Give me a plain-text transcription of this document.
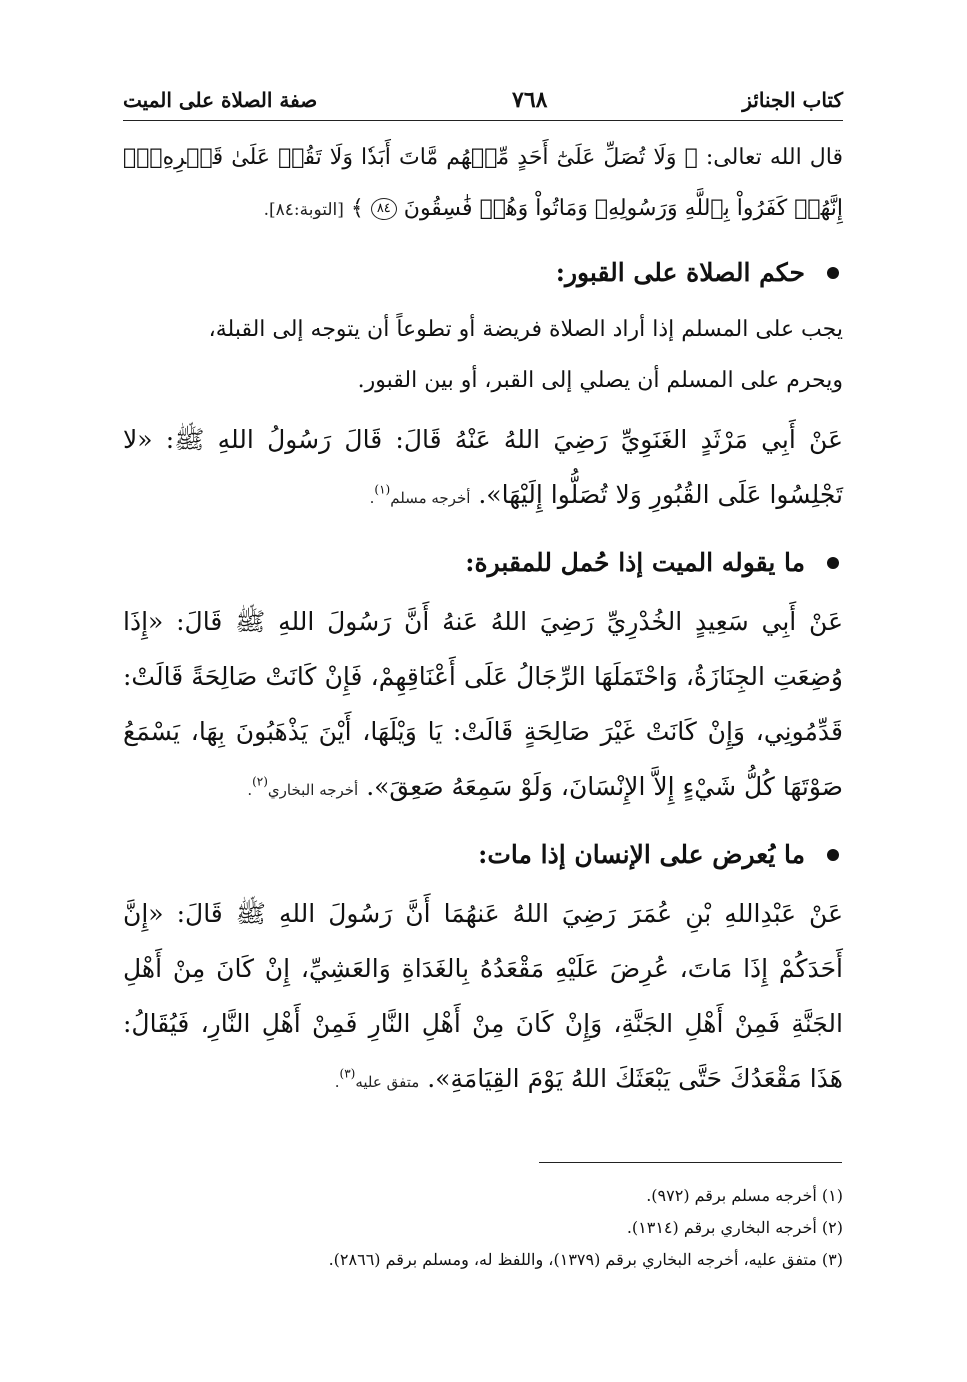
كتاب الجنائز
٧٦٨
صفة الصلاة على الميت

قال الله تعالى: ﴿ وَلَا تُصَلِّ عَلَىٰٓ أَحَدٍ مِّنۡهُم مَّاتَ أَبَدٗا وَلَا تَقُمۡ عَلَىٰ قَبۡرِهِۦٓۖ إِنَّهُمۡ كَفَرُواْ بِٱللَّهِ وَرَسُولِهِۦ وَمَاتُواْ وَهُمۡ فَٰسِقُونَ ٨٤ ﴾ [التوبة:٨٤].

حكم الصلاة على القبور:

يجب على المسلم إذا أراد الصلاة فريضة أو تطوعاً أن يتوجه إلى القبلة،

ويحرم على المسلم أن يصلي إلى القبر، أو بين القبور.

عَنْ أَبِي مَرْثَدٍ الغَنَوِيِّ رَضِيَ اللهُ عَنْهُ قَالَ: قَالَ رَسُولُ اللهِ ﷺ: «لا تَجْلِسُوا عَلَى القُبُورِ وَلا تُصَلُّوا إِلَيْهَا». أخرجه مسلم$^{(١)}$.

ما يقوله الميت إذا حُمل للمقبرة:

عَنْ أَبِي سَعِيدٍ الخُدْرِيِّ رَضِيَ اللهُ عَنهُ أَنَّ رَسُولَ اللهِ ﷺ قَالَ: «إِذَا وُضِعَتِ الجِنَازَةُ، وَاحْتَمَلَهَا الرِّجَالُ عَلَى أَعْنَاقِهِمْ، فَإِنْ كَانَتْ صَالِحَةً قَالَتْ: قَدِّمُونِي، وَإِنْ كَانَتْ غَيْرَ صَالِحَةٍ قَالَتْ: يَا وَيْلَهَا، أَيْنَ يَذْهَبُونَ بِهَا، يَسْمَعُ صَوْتَهَا كُلُّ شَيْءٍ إِلاَّ الإِنْسَانَ، وَلَوْ سَمِعَهُ صَعِقَ». أخرجه البخاري$^{(٢)}$.

ما يُعرض على الإنسان إذا مات:

عَنْ عَبْدِاللهِ بْنِ عُمَرَ رَضِيَ اللهُ عَنهُمَا أَنَّ رَسُولَ اللهِ ﷺ قَالَ: «إِنَّ أَحَدَكُمْ إِذَا مَاتَ، عُرِضَ عَلَيْهِ مَقْعَدُهُ بِالغَدَاةِ وَالعَشِيِّ، إِنْ كَانَ مِنْ أَهْلِ الجَنَّةِ فَمِنْ أَهْلِ الجَنَّةِ، وَإِنْ كَانَ مِنْ أَهْلِ النَّارِ فَمِنْ أَهْلِ النَّارِ، فَيُقَالُ: هَذَا مَقْعَدُكَ حَتَّى يَبْعَثَكَ اللهُ يَوْمَ القِيَامَةِ». متفق عليه$^{(٣)}$.

(١) أخرجه مسلم برقم (٩٧٢).

(٢) أخرجه البخاري برقم (١٣١٤).

(٣) متفق عليه، أخرجه البخاري برقم (١٣٧٩)، واللفظ له، ومسلم برقم (٢٨٦٦).
